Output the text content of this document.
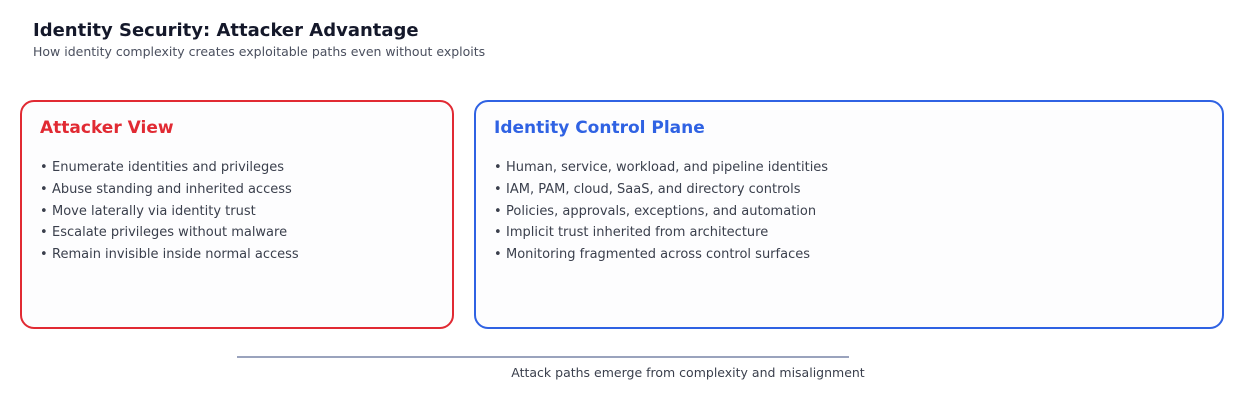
Identity Security: Attacker Advantage
How identity complexity creates exploitable paths even without exploits
Attacker View
• Enumerate identities and privileges
• Abuse standing and inherited access
• Move laterally via identity trust
• Escalate privileges without malware
• Remain invisible inside normal access
Identity Control Plane
• Human, service, workload, and pipeline identities
• IAM, PAM, cloud, SaaS, and directory controls
• Policies, approvals, exceptions, and automation
• Implicit trust inherited from architecture
• Monitoring fragmented across control surfaces
Attack paths emerge from complexity and misalignment
